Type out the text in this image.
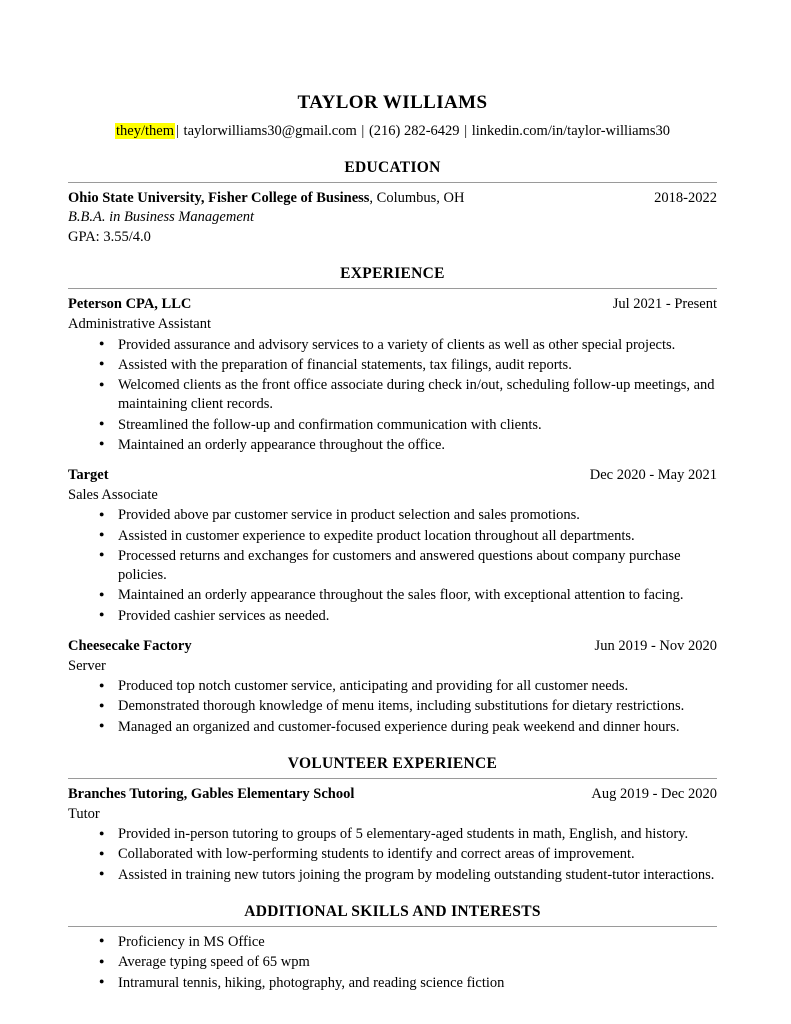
TAYLOR WILLIAMS
they/them | taylorwilliams30@gmail.com | (216) 282-6429 | linkedin.com/in/taylor-williams30
EDUCATION
Ohio State University, Fisher College of Business, Columbus, OH	2018-2022
B.B.A. in Business Management
GPA: 3.55/4.0
EXPERIENCE
Peterson CPA, LLC	Jul 2021 - Present
Administrative Assistant
● Provided assurance and advisory services to a variety of clients as well as other special projects.
● Assisted with the preparation of financial statements, tax filings, audit reports.
● Welcomed clients as the front office associate during check in/out, scheduling follow-up meetings, and maintaining client records.
● Streamlined the follow-up and confirmation communication with clients.
● Maintained an orderly appearance throughout the office.
Target	Dec 2020 - May 2021
Sales Associate
● Provided above par customer service in product selection and sales promotions.
● Assisted in customer experience to expedite product location throughout all departments.
● Processed returns and exchanges for customers and answered questions about company purchase policies.
● Maintained an orderly appearance throughout the sales floor, with exceptional attention to facing.
● Provided cashier services as needed.
Cheesecake Factory	Jun 2019 - Nov 2020
Server
● Produced top notch customer service, anticipating and providing for all customer needs.
● Demonstrated thorough knowledge of menu items, including substitutions for dietary restrictions.
● Managed an organized and customer-focused experience during peak weekend and dinner hours.
VOLUNTEER EXPERIENCE
Branches Tutoring, Gables Elementary School	Aug 2019 - Dec 2020
Tutor
● Provided in-person tutoring to groups of 5 elementary-aged students in math, English, and history.
● Collaborated with low-performing students to identify and correct areas of improvement.
● Assisted in training new tutors joining the program by modeling outstanding student-tutor interactions.
ADDITIONAL SKILLS AND INTERESTS
● Proficiency in MS Office
● Average typing speed of 65 wpm
● Intramural tennis, hiking, photography, and reading science fiction
